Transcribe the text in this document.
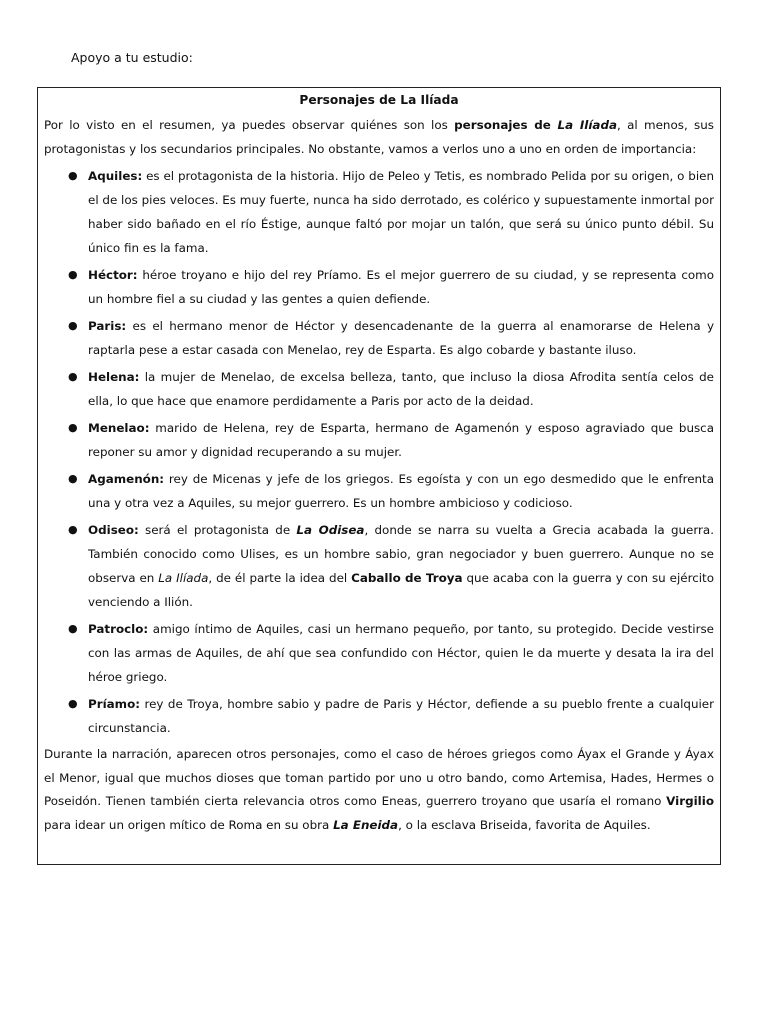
Apoyo a tu estudio:
Personajes de La Ilíada

Por lo visto en el resumen, ya puedes observar quiénes son los personajes de La Ilíada, al menos, sus protagonistas y los secundarios principales. No obstante, vamos a verlos uno a uno en orden de importancia:

● Aquiles: es el protagonista de la historia. Hijo de Peleo y Tetis, es nombrado Pelida por su origen, o bien el de los pies veloces. Es muy fuerte, nunca ha sido derrotado, es colérico y supuestamente inmortal por haber sido bañado en el río Éstige, aunque faltó por mojar un talón, que será su único punto débil. Su único fin es la fama.
● Héctor: héroe troyano e hijo del rey Príamo. Es el mejor guerrero de su ciudad, y se representa como un hombre fiel a su ciudad y las gentes a quien defiende.
● Paris: es el hermano menor de Héctor y desencadenante de la guerra al enamorarse de Helena y raptarla pese a estar casada con Menelao, rey de Esparta. Es algo cobarde y bastante iluso.
● Helena: la mujer de Menelao, de excelsa belleza, tanto, que incluso la diosa Afrodita sentía celos de ella, lo que hace que enamore perdidamente a Paris por acto de la deidad.
● Menelao: marido de Helena, rey de Esparta, hermano de Agamenón y esposo agraviado que busca reponer su amor y dignidad recuperando a su mujer.
● Agamenón: rey de Micenas y jefe de los griegos. Es egoísta y con un ego desmedido que le enfrenta una y otra vez a Aquiles, su mejor guerrero. Es un hombre ambicioso y codicioso.
● Odiseo: será el protagonista de La Odisea, donde se narra su vuelta a Grecia acabada la guerra. También conocido como Ulises, es un hombre sabio, gran negociador y buen guerrero. Aunque no se observa en La Ilíada, de él parte la idea del Caballo de Troya que acaba con la guerra y con su ejército venciendo a Ilión.
● Patroclo: amigo íntimo de Aquiles, casi un hermano pequeño, por tanto, su protegido. Decide vestirse con las armas de Aquiles, de ahí que sea confundido con Héctor, quien le da muerte y desata la ira del héroe griego.
● Príamo: rey de Troya, hombre sabio y padre de Paris y Héctor, defiende a su pueblo frente a cualquier circunstancia.

Durante la narración, aparecen otros personajes, como el caso de héroes griegos como Áyax el Grande y Áyax el Menor, igual que muchos dioses que toman partido por uno u otro bando, como Artemisa, Hades, Hermes o Poseidón. Tienen también cierta relevancia otros como Eneas, guerrero troyano que usaría el romano Virgilio para idear un origen mítico de Roma en su obra La Eneida, o la esclava Briseida, favorita de Aquiles.
